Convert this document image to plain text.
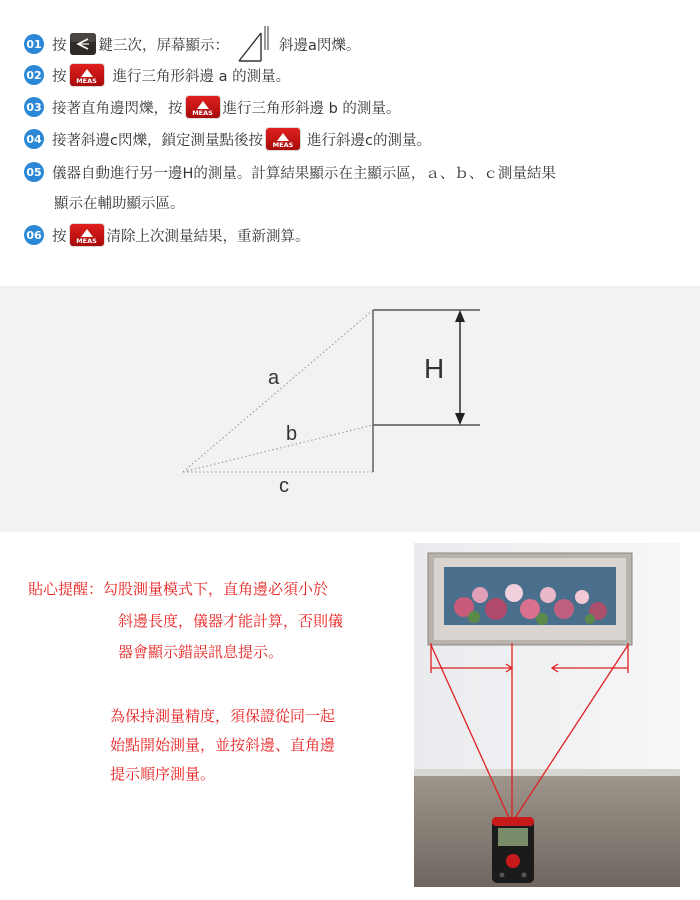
01 按 鍵三次，屏幕顯示：	斜邊a閃爍。
02 按 MEAS 進行三角形斜邊 a 的測量。
03 接著直角邊閃爍，按 MEAS 進行三角形斜邊 b 的測量。
04 接著斜邊c閃爍，鎖定測量點後按 MEAS 進行斜邊c的測量。
05 儀器自動進行另一邊H的測量。計算結果顯示在主顯示區，ａ、ｂ、ｃ測量結果
顯示在輔助顯示區。
06 按 MEAS 清除上次測量結果，重新測算。
a
b
c
H
貼心提醒：勾股測量模式下，直角邊必須小於
斜邊長度，儀器才能計算，否則儀
器會顯示錯誤訊息提示。
為保持測量精度，須保證從同一起
始點開始測量，並按斜邊、直角邊
提示順序測量。
